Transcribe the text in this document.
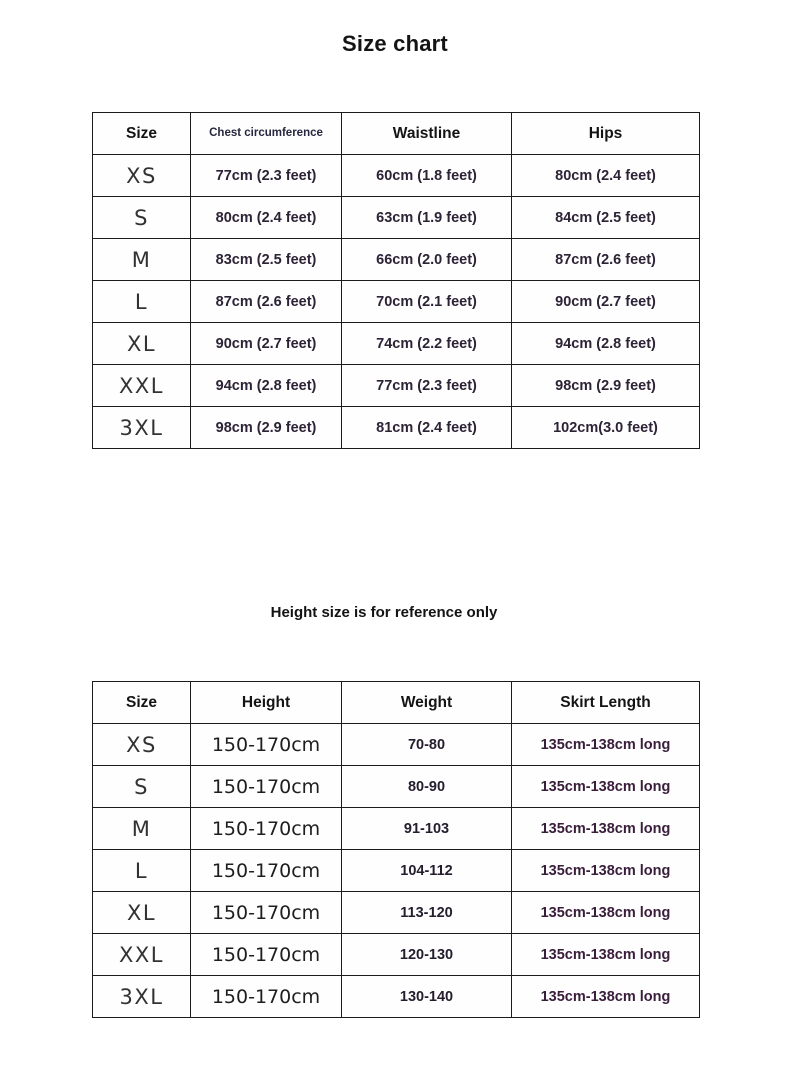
Size chart
Size	Chest circumference	Waistline	Hips
XS	77cm (2.3 feet)	60cm (1.8 feet)	80cm (2.4 feet)
S	80cm (2.4 feet)	63cm (1.9 feet)	84cm (2.5 feet)
M	83cm (2.5 feet)	66cm (2.0 feet)	87cm (2.6 feet)
L	87cm (2.6 feet)	70cm (2.1 feet)	90cm (2.7 feet)
XL	90cm (2.7 feet)	74cm (2.2 feet)	94cm (2.8 feet)
XXL	94cm (2.8 feet)	77cm (2.3 feet)	98cm (2.9 feet)
3XL	98cm (2.9 feet)	81cm (2.4 feet)	102cm(3.0 feet)
Height size is for reference only
Size	Height	Weight	Skirt Length
XS	150-170cm	70-80	135cm-138cm long
S	150-170cm	80-90	135cm-138cm long
M	150-170cm	91-103	135cm-138cm long
L	150-170cm	104-112	135cm-138cm long
XL	150-170cm	113-120	135cm-138cm long
XXL	150-170cm	120-130	135cm-138cm long
3XL	150-170cm	130-140	135cm-138cm long
